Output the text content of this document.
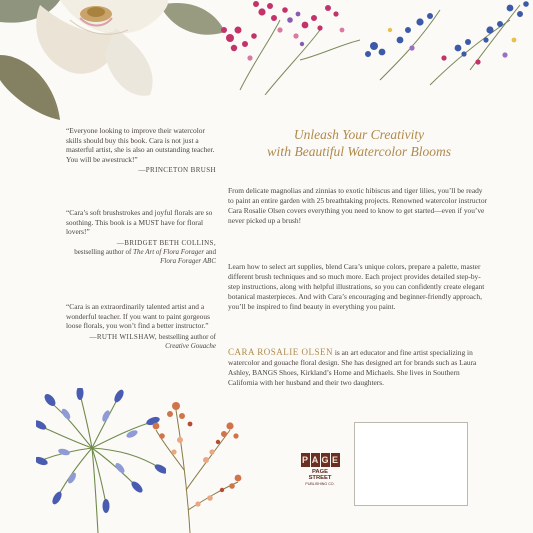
“Everyone looking to improve their watercolor skills should buy this book. Cara is not just a masterful artist, she is also an outstanding teacher. You will be awestruck!”

—PRINCETON BRUSH

“Cara’s soft brushstrokes and joyful florals are so soothing. This book is a MUST have for floral lovers!”

—BRIDGET BETH COLLINS,
bestselling author of The Art of Flora Forager and Flora Forager ABC

“Cara is an extraordinarily talented artist and a wonderful teacher. If you want to paint gorgeous loose florals, you won’t find a better instructor.”

—RUTH WILSHAW, bestselling author of Creative Gouache
Unleash Your Creativity
with Beautiful Watercolor Blooms

From delicate magnolias and zinnias to exotic hibiscus and tiger lilies, you’ll be ready to paint an entire garden with 25 breathtaking projects. Renowned watercolor instructor Cara Rosalie Olsen covers everything you need to know to get started—even if you’ve never picked up a brush!

Learn how to select art supplies, blend Cara’s unique colors, prepare a palette, master different brush techniques and so much more. Each project provides detailed step-by-step instructions, along with helpful illustrations, so you can confidently create elegant botanical masterpieces. And with Cara’s encouraging and beginner-friendly approach, you’ll be inspired to find beauty in everything you paint.

CARA ROSALIE OLSEN is an art educator and fine artist specializing in watercolor and gouache floral design. She has designed art for brands such as Laura Ashley, BANGS Shoes, Kirkland’s Home and Michaels. She lives in Southern California with her husband and their two daughters.

P A G E
PAGE STREET
PUBLISHING CO.
